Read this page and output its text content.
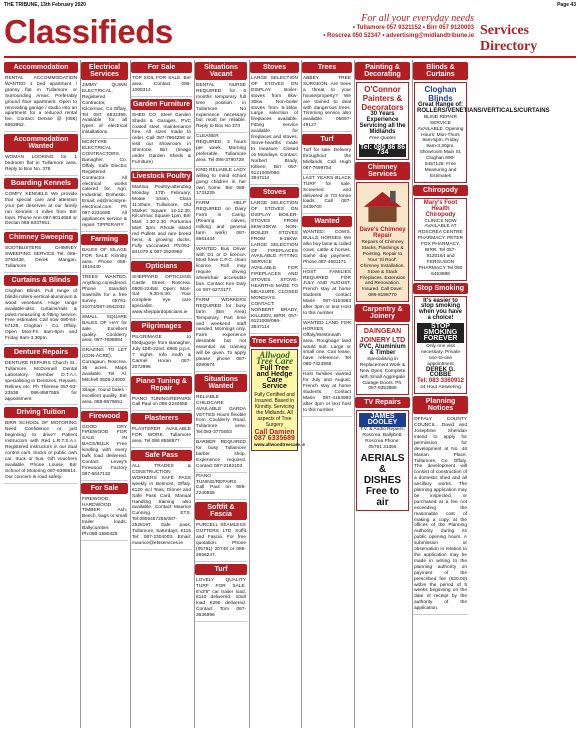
THE TRIBUNE, 13th February 2020	Page 43
Classifieds	For all your everyday needs
• Tullamore 057 9321152 • Birr 057 9120003
• Roscrea 050 52347 • advertising@midlandtribune.ie Services Directory
Accommodation
RENTAL ACCOMMODATION WANTED 1 bed apartment / granny flat in Tullamore or Surrounding Areas. Preferably ground floor apartment. Open to renovating garage / studio into an apartment for a reduced rental fee. Contact Denise @ (086) 6663952.
Accommodation Wanted
WOMAN LOOKING for 1 bedroom flat in Tullamore area. Reply to Box No. 378
Boarding Kennels
COMFY KENNELS We provide that special care and attention your pet deserves at our family run kennels 4 miles from Birr town. Phone Ann 087-9014658 or Declan 086-8337651.
Chimney Sweeping
SOOTBUSTERS CHIMNEY SWEEPING SERVICE Tel: 086-3763438, Derek Mangan, Tullamore
Curtains & Blinds
Cloghan Blinds. Full range of blinds-rollers-vertical-aluminium & wood venetians. Huge range available-also curtains/rails & poles-measuring & fitting service. Free estimates Call now 090-64-57128, Cloghan - Co. Offaly. Open Mon-Fri 9am-6pm and Friday 9am-3.30pm
Denture Repairs
DENTURE REPAIRS Church St., Tullamore. McDonnell Dental Laboratory. Member D.T.A.I. specialising in Dentures, Repairs, Relines etc. Ph Therese 057-93-23536 086-8587555 for appointment
Driving Tuition
BIRR SCHOOL OF MOTORING Need Confidence or just beginning to drive? Patient Instructors with Red L.R.T.S.A.I. Registered instructors in our dual control cars, trucks or public own car, truck or bus. Gift vouchers available. Phone Louise, Birr School of Motoring 087-6396614. Our concern is road safety.
Electrical Services
JIMMY QUINN ELECTRICAL. Registered Contractor, Kilcormac, Co.Offaly. Tel 087 6832399. Available for all types of electrical installations.
MCINTYRE ELECTRICAL CONTRACTORS. Banagher, Co. Offaly. Safe Electric Registered Contractor. All electrical works catered for. Agri, Industrial, Domestic. Email: ed@mcintyre-electrical.com. Ph 087-2231686 All appliances service & repair. TIPPERARY
Farming
BALES OF SILAGE FOR SALE Kinnitty area. Phone 086-1915440
TREES WANTED. Anything considered. Phone Standish Sawmills for a free survey. 05791-31074/087-2842032
SMALL SQUARE BALES OF HAY for sale. Excellent quality. Coolderry area. 087-7698884
GRAZING TO LET (CON-ACRE). Curragaun, Roscrea. 35 acres. Maps available. Tel: Al, Mitchell 0505-24000
Silage, round bales - excellent quality. Birr area. 086-8679651
Firewood
GOOD DRY FIREWOOD FOR SALE IN BAGS/BULK Free kindling with every bulk load delivered. Contact Levey's Firewood Factory 087-6647132
For Sale
FIREWOOD, HARDWOOD TIMBER Ash, Beech, bags or small trailer loads. Ballycumber. Ph:086-1580425
For Sale
TOP SOIL FOR SALE. Birr area. Contact 086-1008314.
Garden Furniture
SHED CO. Steel Garden Sheds & Garages. PVC coated steel, maintenance free. All sizes made to order. Call 087-7964258 or visit our showroom in Shinrone, Birr. (Image under Garden Sheds & Furniture)
Livestock Poultry
Martina Poultry-attending Monday 17th February, Moate 10am, Clara 11.30am, Tullamore, Old Market Square 12-12.30, Kilcormac Square 1pm, Birr Mart 1.30-2.30 Portumna Mart 3pm. Rhode island red Pullets and rare breed hens, & growing ducks. Fully vaccinated. Ph:091-841079 & 087-2520960
Opticians
SHEPPARD OPTICIANS Castle Street, Roscrea. 0505-22458. Open: Mon-Sat 9.30-5.30. Your complete eye care specialist. www.sheppardopticians.ie
Pilgrimages
PILGRIMAGE to Medjugorje from Banagher, July 15th-22nd. €865 p.p.s. 7 nights. Info Aodh & Carmel Horan 087-2072996
Piano Tuning & Repair
PIANO TUNING/REPAIRS Call Paul on 086-2240555
Plasterers
PLASTERER AVAILABLE FOR WORK. Tullamore area. Tel 086 8558877
Safe Pass
ALL TRADES & CONSTRUCTION WORKERS SAFE PASS weekly in Belmont, Offaly. €120 incl Teas, Dinner and Safe Pass Card. Manual Handling training also available. Contact Maurice Cunning ETS. Tel:0906457265/087-2528197. Safe pass, Tullamore, Saturdays. €115 Tel: 087-2304003. Email: maurice@etsservices.ie
Situations Vacant
DENTAL NURSE REQUIRED for 6 months temporary full time position in Tullamore. No experience necessary but must be reliable. Reply to Box No 373
CLEANER REQUIRED, 3 hours per week. Morning preferable. Tullamore area. Tel 086-3790728
KIND RELIABLE LADY willing to mind school going children in her own home. Birr 086-1731229
FARM HELP REQUIRED on Dairy Farm in Carrig. (Rearing calves, milking and general farm work) 087-6661444
WANTED Bus Driver with D1 or D licence. Must have C.P.C. clean licence. Roll may require driving wheelchair accessible bus. Contact Ken Daly on 087-6273177.
FARM WORKERS REQUIRED for busy farm (Birr Area) Temporary. Part time and weekend staff needed. Mornings only. Farm experience desirable but not essential as training will be given. To apply please phone 087-9280674
Situations Wanted
RELIABLE CHILDCARE AVAILABLE GARDA VETTED Hours flexible from Coolderry Road. Tullamore area. Tel:083-3775053
BARBER REQUIRED for busy Tullamore barber shop. Experience required. Contact 087-2182103
PIANO TUNING/REPAIRS Call Paul on 086-2240555
Softfit & Fascia
PURCELL SEAMLESS GUTTERS LTD Soffit and Fascia. For free quotation. Phone (05791) 20748 or 086-2656247.
Turf
LOVELY QUALITY TURF FOR SALE. 6'x3'6" car trailer load, €110 delivered. 10x8 load €290 delivered. Contact Tom 087-3636996
Stoves
LARGE SELECTION OF STOVES ON DISPLAY. Boiler-stoves from 6kw-30kw. Non-boiler stoves from 5-15kw. Large selection of fireplaces available. Fitting service available for fireplaces and stoves. Stove-hearths made to measure. Closed on Mondays. Contact: Norbert Brady, Killeen, Birr 057-9121009/086-3847114
Stoves
LARGE SELECTION OF STOVES ON DISPLAY BOILER-STOVES FROM 6KW-30KW. NON-BOILER STOVES FROM 5-15KW. LARGE SELECTION OF FIREPLACES AVAILABLE. FITTING SERVICE AVAILABLE FOR FIREPLACES AND STOVES. STOVE-HEARTHS MADE TO MEASURE. CLOSED MONDAYS. CONTACT: NORBERT BRADY, KILLEEN, BIRR. 057-9121009/086-3847114
Tree Services
Allwood Tree Care
Full Tree and Hedge Care Service
Fully Certified and Insured. Based in Kinnitty. Servicing the Midlands. All aspects of Tree Surgery
Call Damien 087 6335689
www.allwoodtreecare.ie
Trees
ABBEY TREE SURGEON. Are trees a threat to your house/property? We are trained to deal with dangerous trees. Trimming service also available. 05097-49127
Turf
Turf for sale. Delivery throughout the Midlands. Call Hugh 087-7699754
LAST YEARS BLACK TURF for sale. Screened and delivered in 7/3 tonne loads. Call 087-3439700
Wanted
WANTED: COWS, BULLS, HORSES. We also buy lame & culled cows, cattle & horses. Same day payment. Phone 087-4681171
HOST FAMILIES REQUIRED FOR JULY AND AUGUST. French stay at home students contact Marie 087-4154983 after 3pm or text Host to this number
WANTED LAND FOR HORSES. Offaly/Westmeath area. Roughage land would suit. Large or small one. Can lease, have reference. Tel 085-7423958
Host families wanted for July and August. French stay at home students. Contact Marie 087-4154983 after 3pm or text host to this number
Painting & Decorating
O'Connor Painters & Decorators
30 Years Experience
Servicing all the Midlands
Free Quotes
Tel: 085 86 86 734
Chimney Services
Dave's Chimney Repair
Repairs of Chimney Stacks, Flashings & Pointing. Repair to Your 'Sl Roof'. Chimney Installation. Stove & Stack Fireplaces. Extension and Renovation. Insured. Call Dave: 086-8198770
Carpentry & Joinery
DAINGEAN JOINERY LTD
PVC, Aluminium & Timber
Specialising in Replacement Work & New Opes. Complete with Small Aggregate Garage Doors. Ph: 057-9353888
TV Repairs
JAMES DOOLEY
T.V. & Audio Repairs, Roscrea. Ballybritt. Roscrea Phone: 05791 31356
AERIALS & DISHES Free to air
Blinds & Curtains
Cloghan Blinds
Great Range of: ROLLERS/VENETIANS/VERTICALS/CURTAINS
BLIND REPAIR SERVICE AVAILABLE. Opening Hours: Mon-Thurs 9am-5pm, Friday 9am-3.30pm. Showroom Main St, Cloghan 090-6457128. Free Measuring and Estimates
Chiropody
Mary's Foot Health Chiropody
CLINICS NOW AVAILABLE AT ROSCREA CENTRE PHARMACY. PETER FOX PHARMACY, BIRR. Tel 057-9120164 and FERGUSON PHARMACY Tel 090 6453898
Stop Smoking
It's easier to stop smoking when you have a choice!
STOP SMOKING FOREVER
Only one visit necessary. Private one-to-one appointment
DEREK G. COBBE
Tel: 083 3360912
24 Hour Answering
Planning Notices
OFFALY COUNTY COUNCIL. David and Josephine Sheridan intend to apply for permission for development at No. 48 Marian Place, Tullamore, Co. Offaly. The development will consist of construction of a domestic shed and all ancillary works. The planning application may be inspected, or purchased at a fee not exceeding the reasonable cost of making a copy, at the offices of the Planning Authority during its public opening hours. A submission or observation in relation to the application may be made in writing to the planning authority on payment of the prescribed fee (€20.00) within the period of 5 weeks beginning on the date of receipt by the authority of the application.
